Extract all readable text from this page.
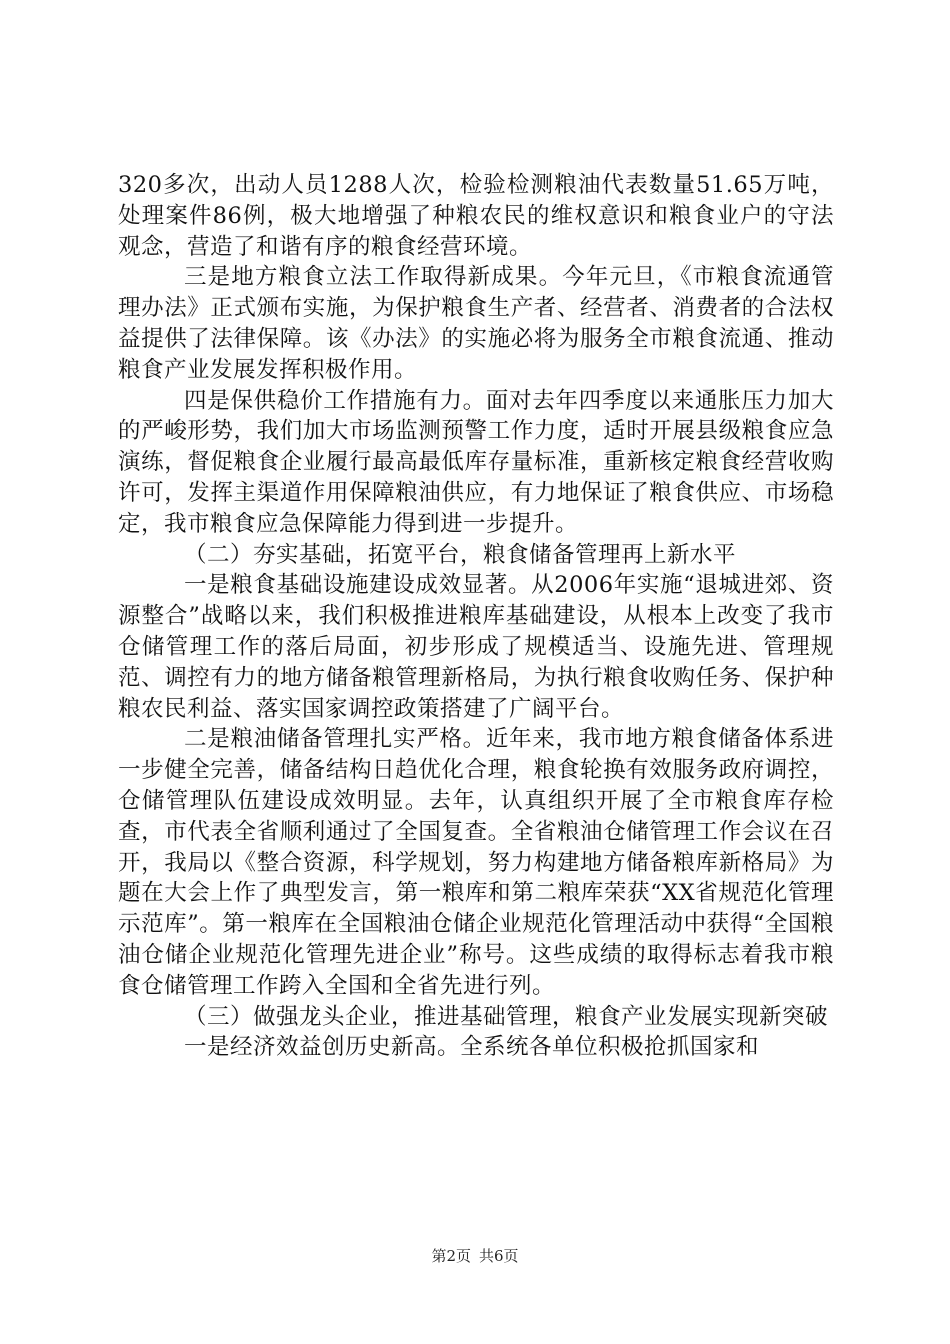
320多次，出动人员1288人次，检验检测粮油代表数量51.65万吨，处理案件86例，极大地增强了种粮农民的维权意识和粮食业户的守法观念，营造了和谐有序的粮食经营环境。

三是地方粮食立法工作取得新成果。今年元旦，《市粮食流通管理办法》正式颁布实施，为保护粮食生产者、经营者、消费者的合法权益提供了法律保障。该《办法》的实施必将为服务全市粮食流通、推动粮食产业发展发挥积极作用。

四是保供稳价工作措施有力。面对去年四季度以来通胀压力加大的严峻形势，我们加大市场监测预警工作力度，适时开展县级粮食应急演练，督促粮食企业履行最高最低库存量标准，重新核定粮食经营收购许可，发挥主渠道作用保障粮油供应，有力地保证了粮食供应、市场稳定，我市粮食应急保障能力得到进一步提升。

（二）夯实基础，拓宽平台，粮食储备管理再上新水平

一是粮食基础设施建设成效显著。从2006年实施“退城进郊、资源整合”战略以来，我们积极推进粮库基础建设，从根本上改变了我市仓储管理工作的落后局面，初步形成了规模适当、设施先进、管理规范、调控有力的地方储备粮管理新格局，为执行粮食收购任务、保护种粮农民利益、落实国家调控政策搭建了广阔平台。

二是粮油储备管理扎实严格。近年来，我市地方粮食储备体系进一步健全完善，储备结构日趋优化合理，粮食轮换有效服务政府调控，仓储管理队伍建设成效明显。去年，认真组织开展了全市粮食库存检查，市代表全省顺利通过了全国复查。全省粮油仓储管理工作会议在召开，我局以《整合资源，科学规划，努力构建地方储备粮库新格局》为题在大会上作了典型发言，第一粮库和第二粮库荣获“XX省规范化管理示范库”。第一粮库在全国粮油仓储企业规范化管理活动中获得“全国粮油仓储企业规范化管理先进企业”称号。这些成绩的取得标志着我市粮食仓储管理工作跨入全国和全省先进行列。

（三）做强龙头企业，推进基础管理，粮食产业发展实现新突破

一是经济效益创历史新高。全系统各单位积极抢抓国家和

第2页 共6页
